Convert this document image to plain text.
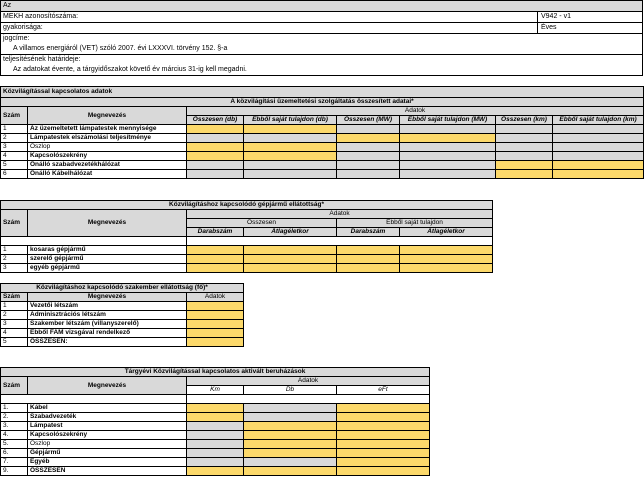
Az
MEKH azonosítószáma:	V942 - v1
gyakorisága:	Éves
jogcíme:
A villamos energiáról (VET) szóló 2007. évi LXXXVI. törvény 152. §-a
teljesítésének határideje:
Az adatokat évente, a tárgyidőszakot követő év március 31-ig kell megadni.
Közvilágítással kapcsolatos adatok							
A közvilágítási üzemeltetési szolgáltatás összesített adatai*							
Szám	Megnevezés	Adatok					
		Összesen (db)	Ebből saját tulajdon (db)	Összesen (MW)	Ebből saját tulajdon (MW)	Összesen (km)	Ebből saját tulajdon (km)
1	Az üzemeltetett lámpatestek mennyisége						
2	Lámpatestek elszámolási teljesítménye						
3	Oszlop						
4	Kapcsolószekrény						
5	Önálló szabadvezetékhálózat						
6	Önálló Kábelhálózat						
Közvilágításhoz kapcsolódó gépjármű ellátottság*					
Szám	Megnevezés	Adatok			
		Összesen		Ebből saját tulajdon	
		Darabszám	Átlagéletkor	Darabszám	Átlagéletkor

1	kosaras gépjármű				
2	szerelő gépjármű				
3	egyéb gépjármű				
Közvilágításhoz kapcsolódó szakember ellátottság (fő)*		
Szám	Megnevezés	Adatok
1	Vezetői létszám	
2	Adminisztrációs létszám	
3	Szakember létszám (villanyszerelő)	
4	Ebből FAM vizsgával rendelkező	
5	ÖSSZESEN:	
Tárgyévi Közvilágítással kapcsolatos aktivált beruházások				
Szám	Megnevezés	Adatok		
		Km	Db	eFt

1.	Kábel			
2.	Szabadvezeték			
3.	Lámpatest			
4.	Kapcsolószekrény			
5.	Oszlop			
6.	Gépjármű			
7.	Egyéb			
9.	ÖSSZESEN			
